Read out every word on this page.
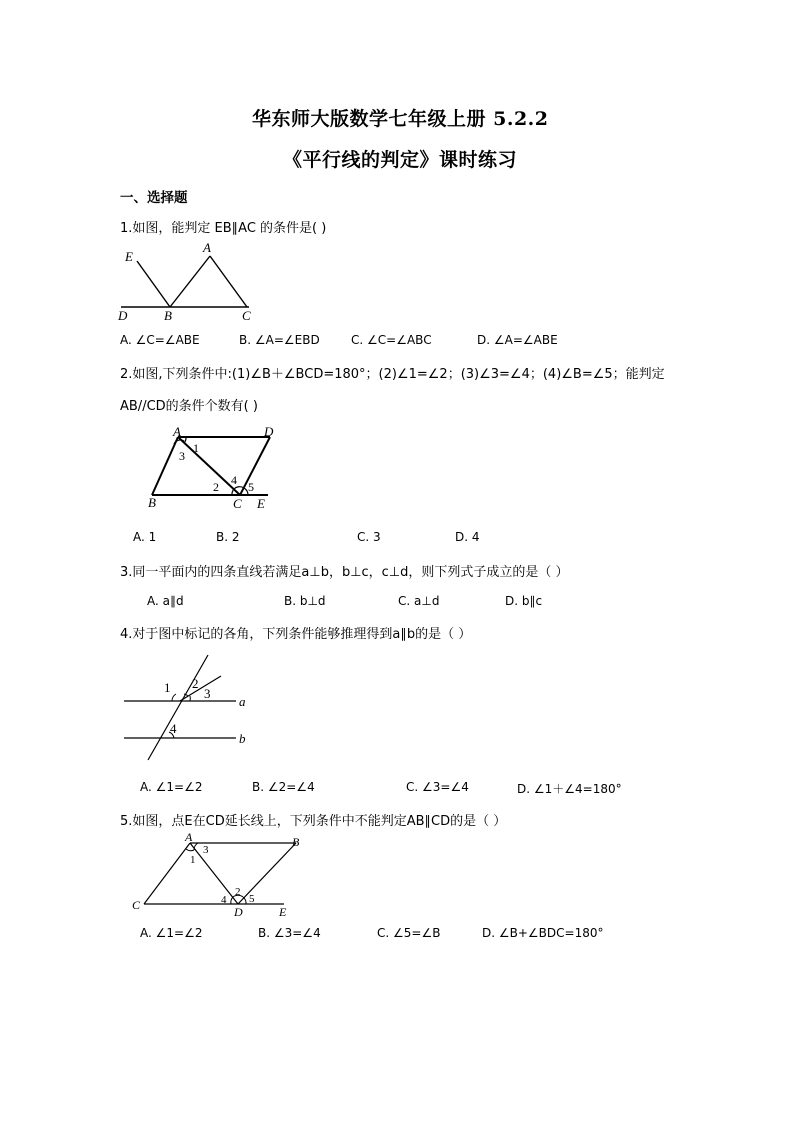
华东师大版数学七年级上册 5.2.2
《平行线的判定》课时练习
一、选择题
1.如图，能判定 EB∥AC 的条件是( )
E
A
D	B	C
A. ∠C=∠ABE	B. ∠A=∠EBD	C. ∠C=∠ABC	D. ∠A=∠ABE
2.如图,下列条件中:(1)∠B＋∠BCD=180°；(2)∠1=∠2；(3)∠3=∠4；(4)∠B=∠5；能判定
AB//CD的条件个数有( )
A	D
B	C E
1
3
2 4 5
A. 1	B. 2	C. 3	D. 4
3.同一平面内的四条直线若满足a⊥b，b⊥c，c⊥d，则下列式子成立的是（ ）
A. a∥d	B. b⊥d	C. a⊥d	D. b∥c
4.对于图中标记的各角，下列条件能够推理得到a∥b的是（ ）
1 2
3
4
a
b
A. ∠1=∠2	B. ∠2=∠4	C. ∠3=∠4	D. ∠1＋∠4=180°
5.如图，点E在CD延长线上，下列条件中不能判定AB∥CD的是（ ）
A	B
C	D	E
3
1
2
4 5
A. ∠1=∠2	B. ∠3=∠4	C. ∠5=∠B	D. ∠B+∠BDC=180°
